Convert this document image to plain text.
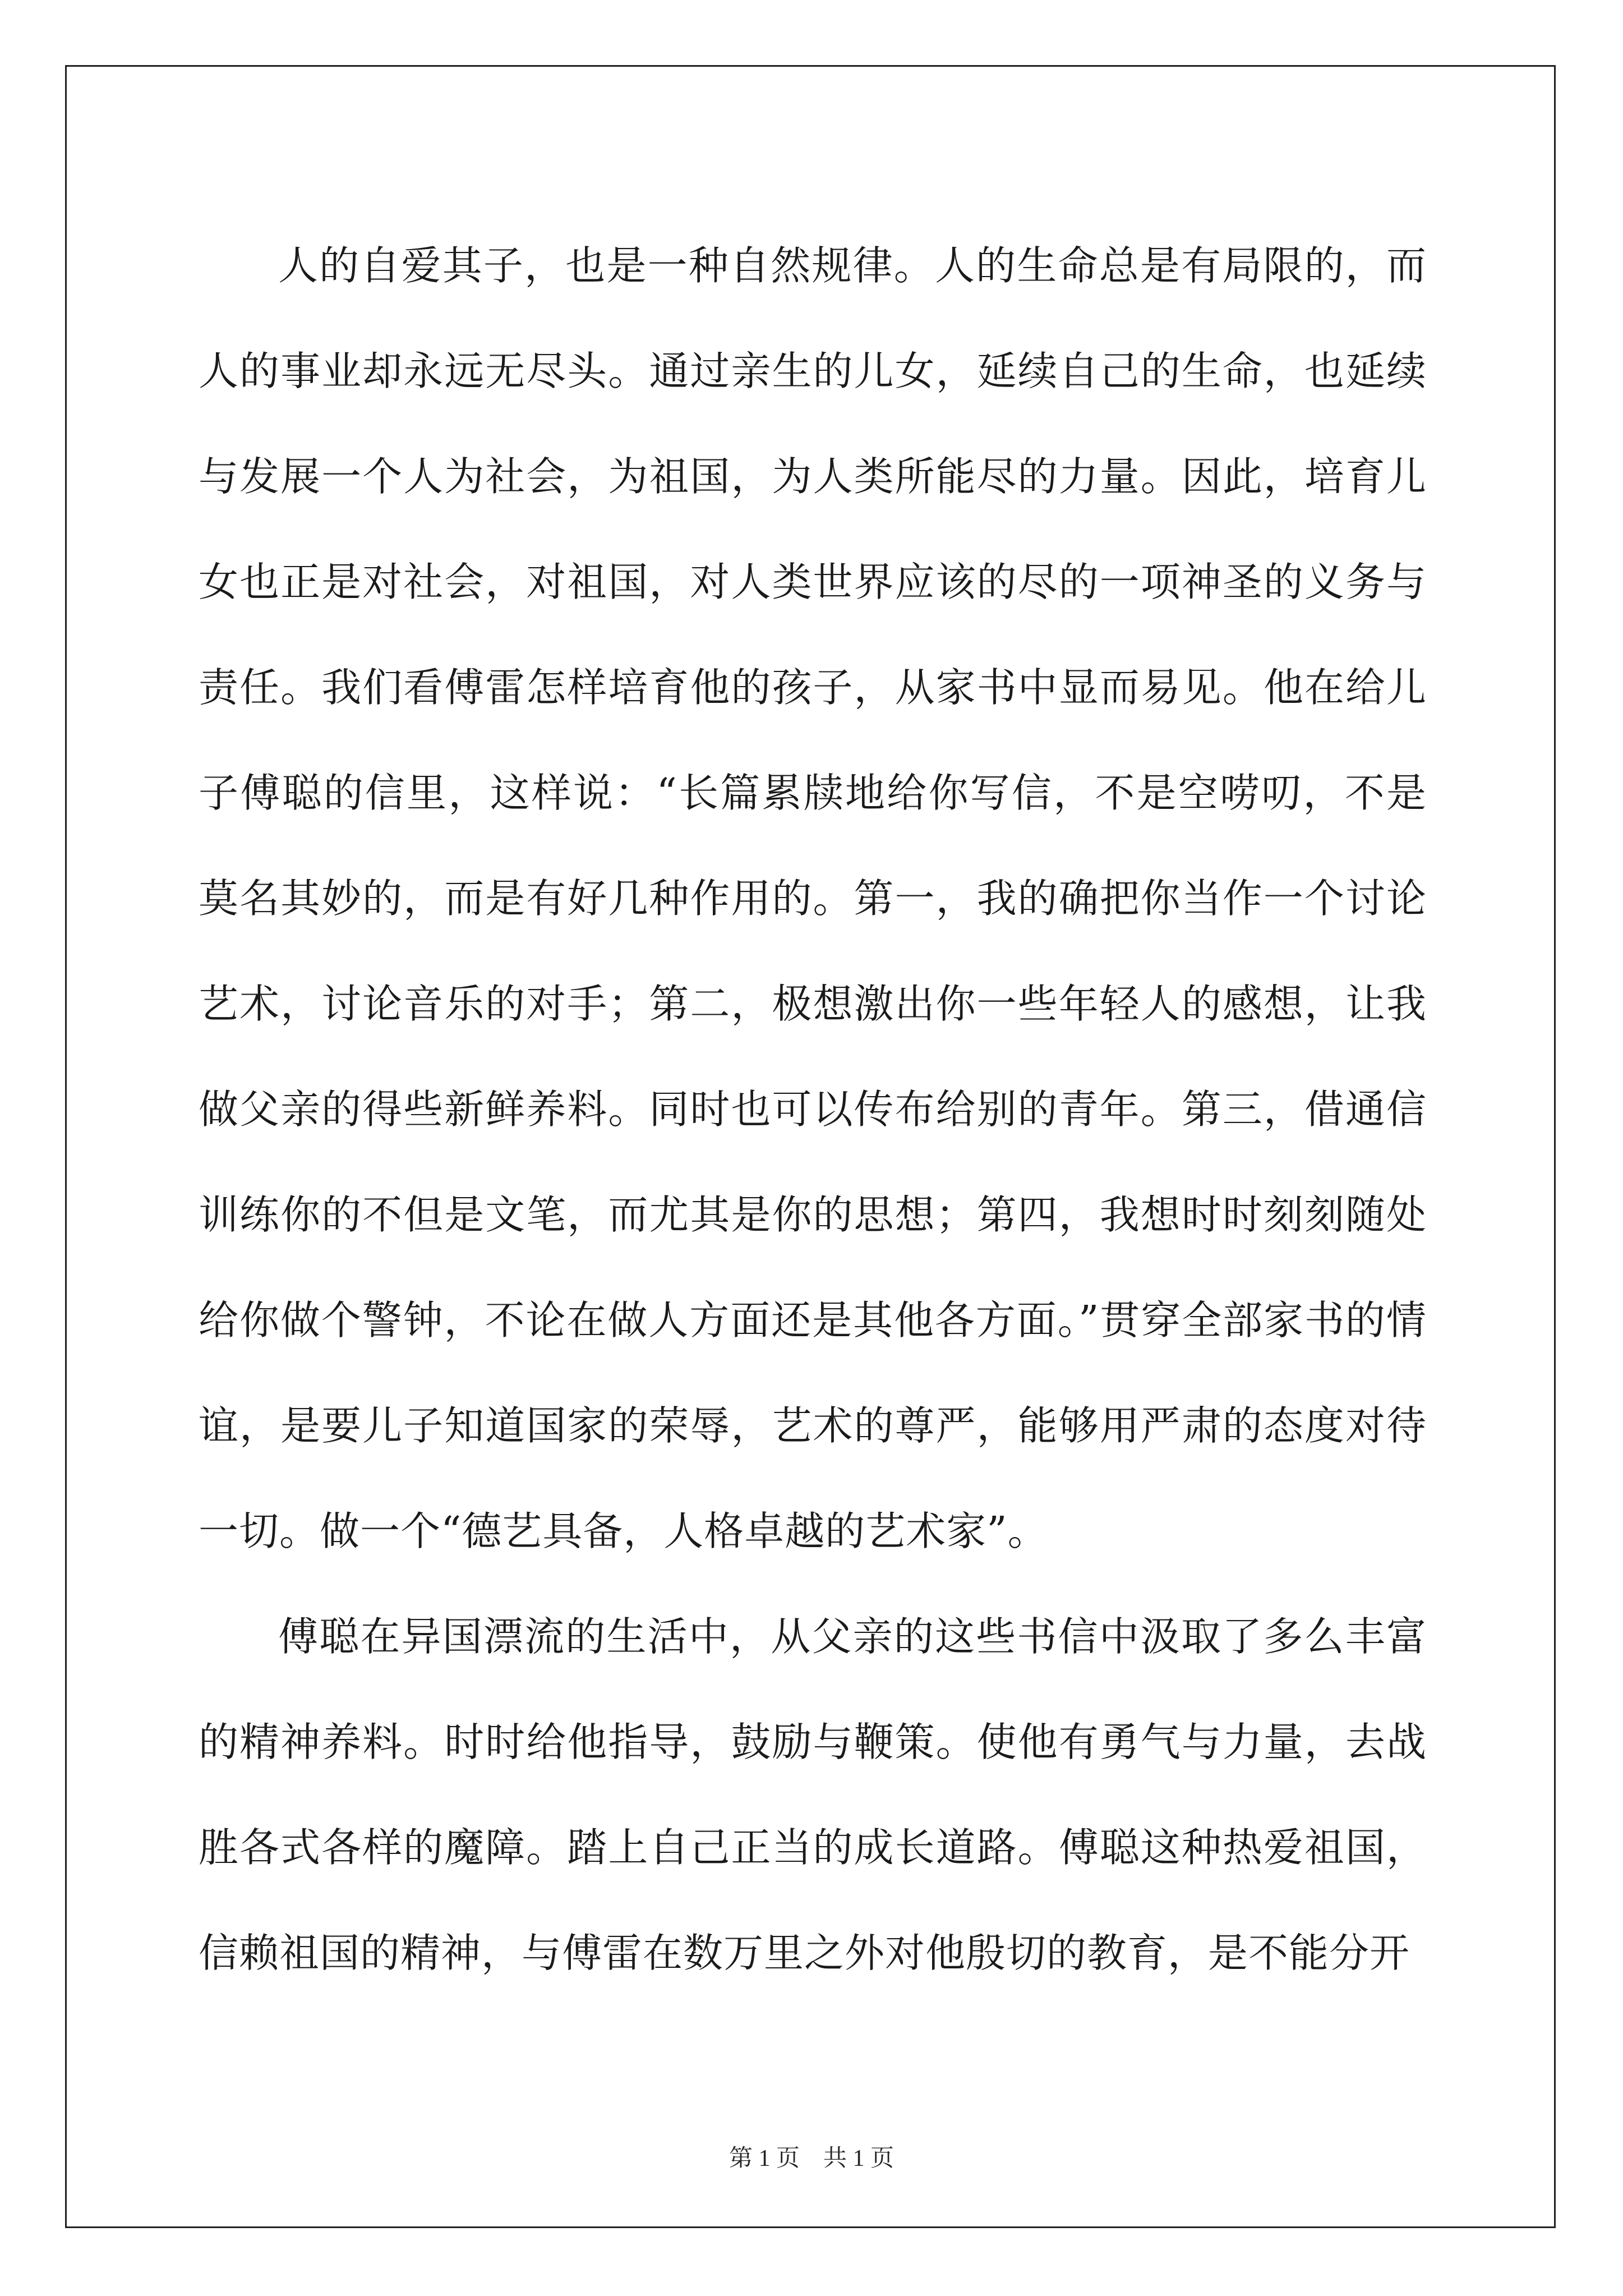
人的自爱其子，也是一种自然规律。人的生命总是有局限的，而人的事业却永远无尽头。通过亲生的儿女，延续自己的生命，也延续与发展一个人为社会，为祖国，为人类所能尽的力量。因此，培育儿女也正是对社会，对祖国，对人类世界应该的尽的一项神圣的义务与责任。我们看傅雷怎样培育他的孩子，从家书中显而易见。他在给儿子傅聪的信里，这样说：“长篇累牍地给你写信，不是空唠叨，不是莫名其妙的，而是有好几种作用的。第一，我的确把你当作一个讨论艺术，讨论音乐的对手；第二，极想激出你一些年轻人的感想，让我做父亲的得些新鲜养料。同时也可以传布给别的青年。第三，借通信训练你的不但是文笔，而尤其是你的思想；第四，我想时时刻刻随处给你做个警钟，不论在做人方面还是其他各方面。”贯穿全部家书的情谊，是要儿子知道国家的荣辱，艺术的尊严，能够用严肃的态度对待一切。做一个“德艺具备，人格卓越的艺术家”。

傅聪在异国漂流的生活中，从父亲的这些书信中汲取了多么丰富的精神养料。时时给他指导，鼓励与鞭策。使他有勇气与力量，去战胜各式各样的魔障。踏上自己正当的成长道路。傅聪这种热爱祖国，信赖祖国的精神，与傅雷在数万里之外对他殷切的教育，是不能分开

第 1 页　共 1 页
